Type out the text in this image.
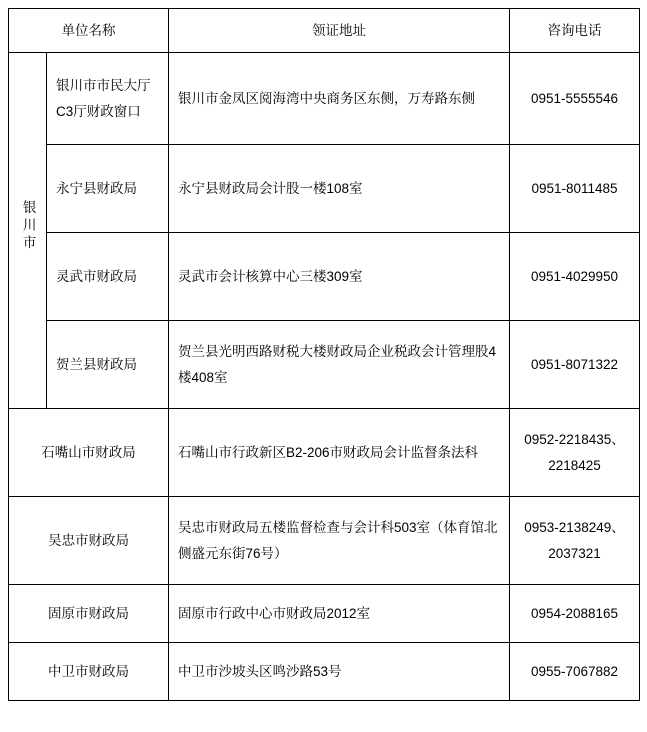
单位名称		领证地址	咨询电话
银川市	银川市市民大厅C3厅财政窗口	银川市金凤区阅海湾中央商务区东侧，万寿路东侧	0951-5555546
	永宁县财政局	永宁县财政局会计股一楼108室	0951-8011485
	灵武市财政局	灵武市会计核算中心三楼309室	0951-4029950
	贺兰县财政局	贺兰县光明西路财税大楼财政局企业税政会计管理股4楼408室	0951-8071322
石嘴山市财政局		石嘴山市行政新区B2-206市财政局会计监督条法科	0952-2218435、2218425
吴忠市财政局		吴忠市财政局五楼监督检查与会计科503室（体育馆北侧盛元东街76号）	0953-2138249、2037321
固原市财政局		固原市行政中心市财政局2012室	0954-2088165
中卫市财政局		中卫市沙坡头区鸣沙路53号	0955-7067882
